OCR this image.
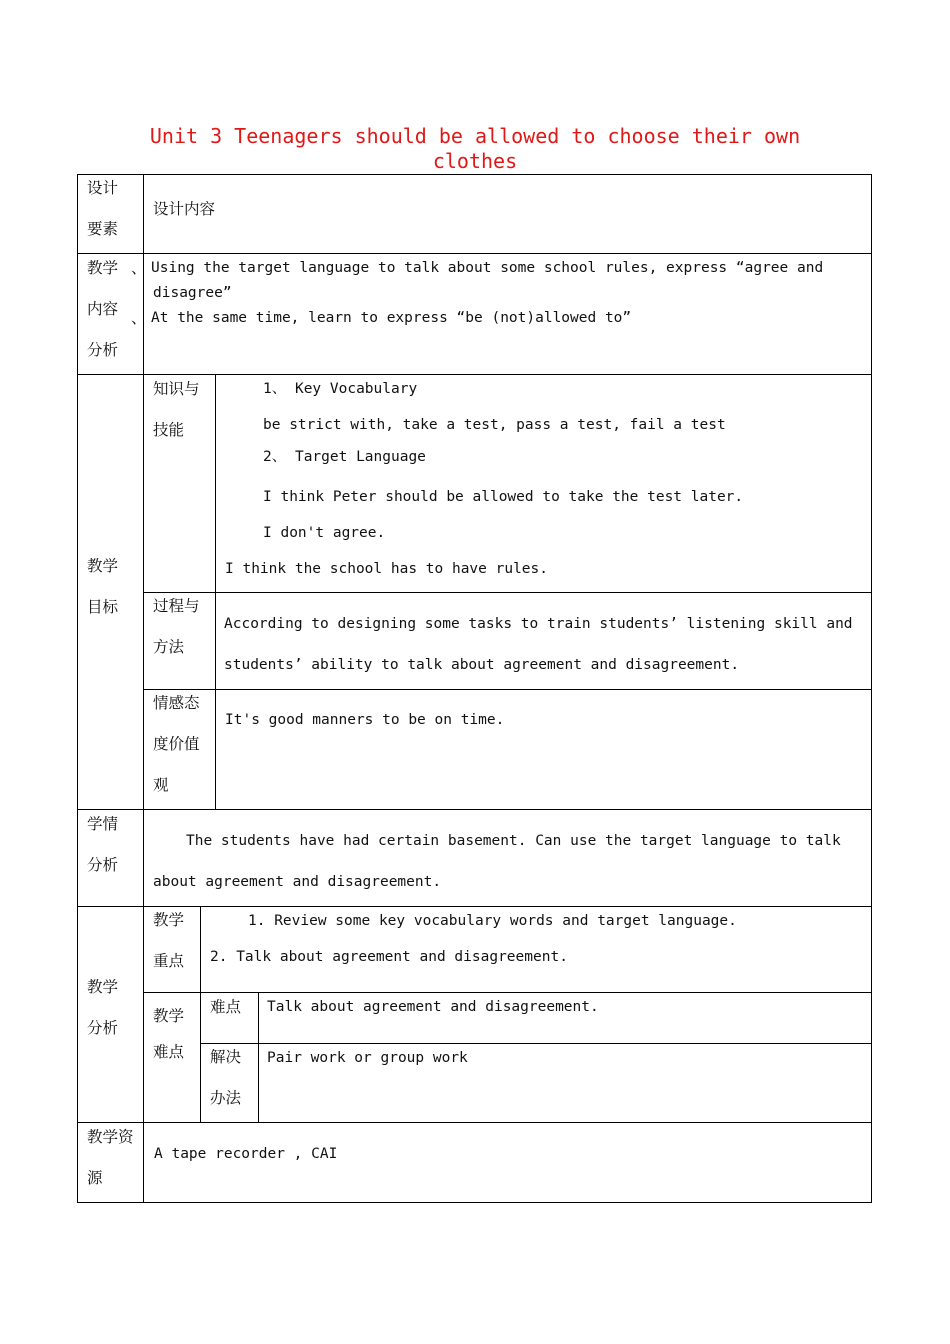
Unit 3 Teenagers should be allowed to choose their own
clothes
设计
要素
设计内容
教学
内容
分析
、
、
Using the target language to talk about some school rules, express “agree and
disagree”
At the same time, learn to express “be (not)allowed to”
教学
目标
知识与
技能
1、 Key Vocabulary
be strict with, take a test, pass a test, fail a test
2、 Target Language
I think Peter should be allowed to take the test later.
I don't agree.
I think the school has to have rules.
过程与
方法
According to designing some tasks to train students’ listening skill and
students’ ability to talk about agreement and disagreement.
情感态
度价值
观
It's good manners to be on time.
学情
分析
The students have had certain basement. Can use the target language to talk
about agreement and disagreement.
教学
分析
教学
重点
1. Review some key vocabulary words and target language.
2. Talk about agreement and disagreement.
教学
难点
难点 Talk about agreement and disagreement.
解决
办法
Pair work or group work
教学资
源
A tape recorder , CAI
